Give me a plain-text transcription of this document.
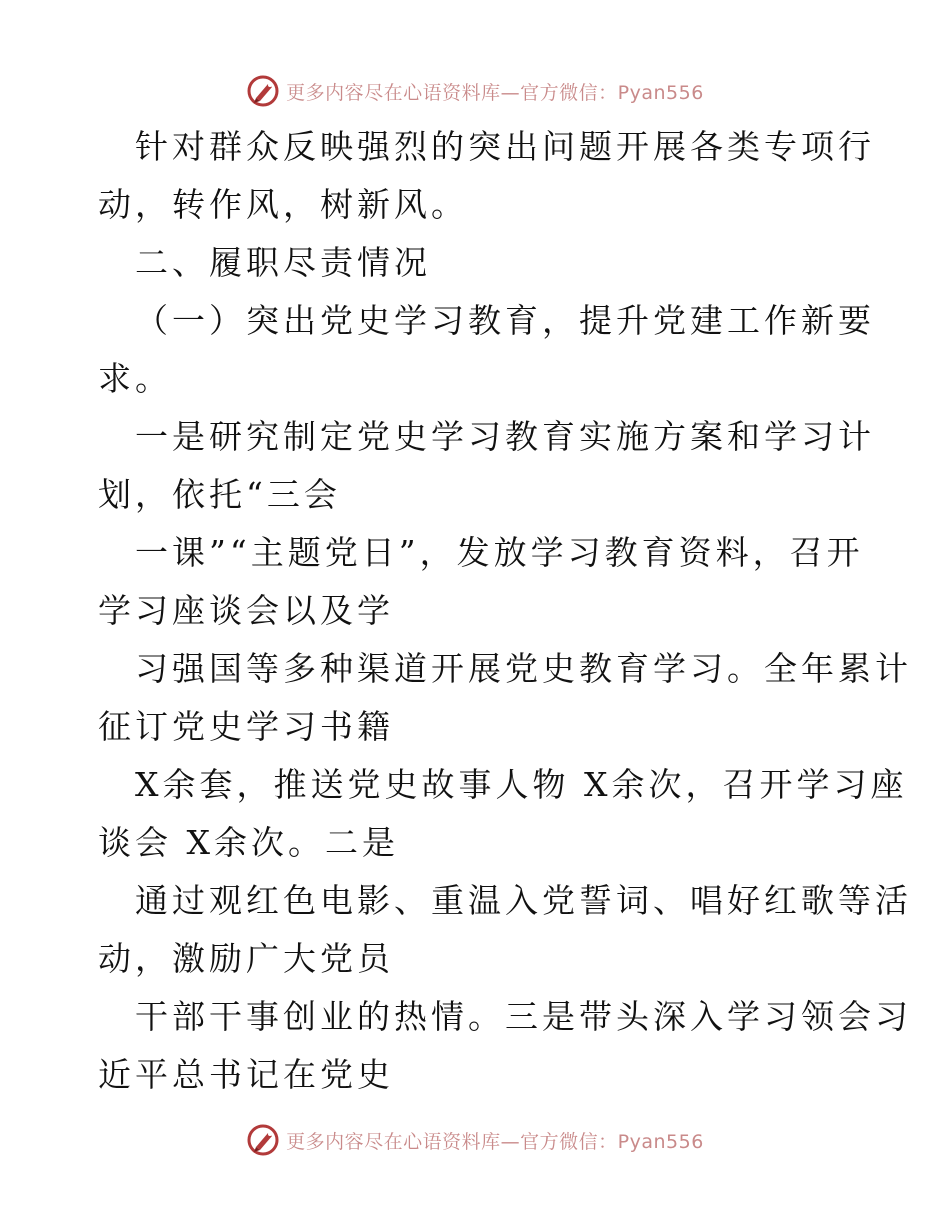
更多内容尽在心语资料库—官方微信：Pyan556
针对群众反映强烈的突出问题开展各类专项行
动，转作风，树新风。
二、履职尽责情况
（一）突出党史学习教育，提升党建工作新要
求。
一是研究制定党史学习教育实施方案和学习计
划，依托“三会
一课”“主题党日”，发放学习教育资料，召开
学习座谈会以及学
习强国等多种渠道开展党史教育学习。全年累计
征订党史学习书籍
X余套，推送党史故事人物 X余次，召开学习座
谈会 X余次。二是
通过观红色电影、重温入党誓词、唱好红歌等活
动，激励广大党员
干部干事创业的热情。三是带头深入学习领会习
近平总书记在党史
更多内容尽在心语资料库—官方微信：Pyan556
